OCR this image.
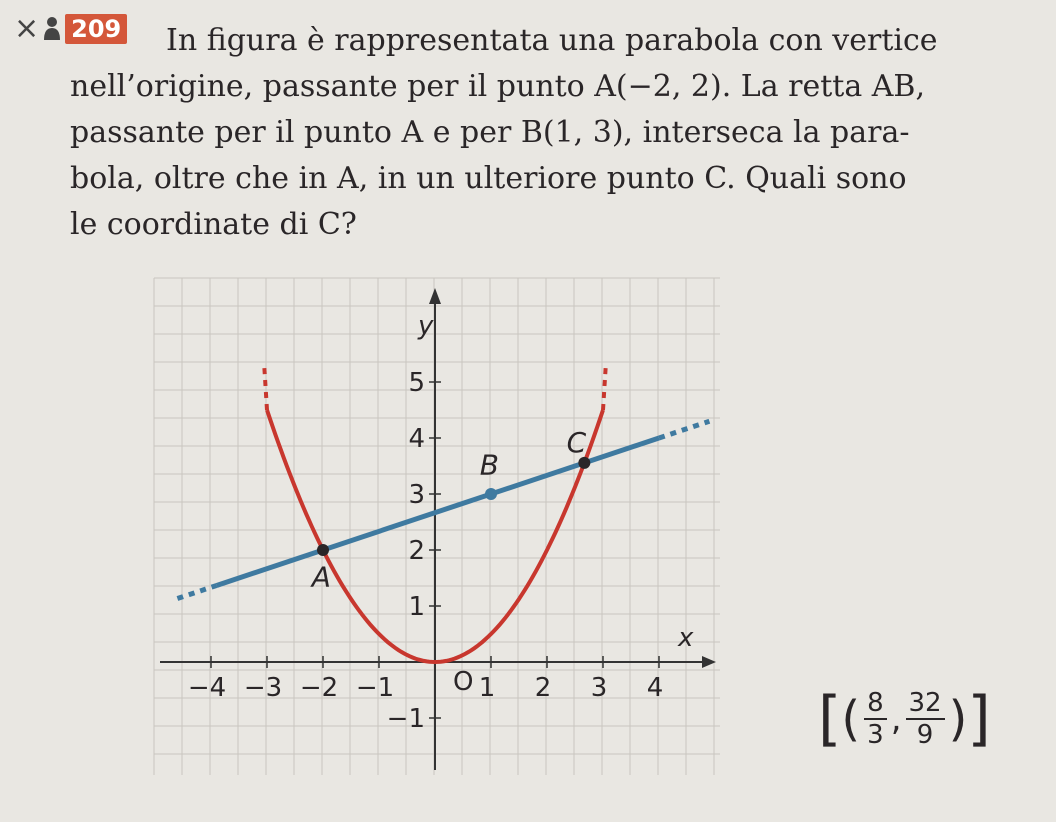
× 209	In figura è rappresentata una parabola con vertice
nell’origine, passante per il punto A(−2, 2). La retta AB,
passante per il punto A e per B(1, 3), interseca la para-
bola, oltre che in A, in un ulteriore punto C. Quali sono
le coordinate di C?
−4 −3 −2 −1	1 2 3 4
5
4
3
2
1
−1
O
x
y
A
B
C
[ ( $\frac{8}{3}$ , $\frac{32}{9}$ ) ]
